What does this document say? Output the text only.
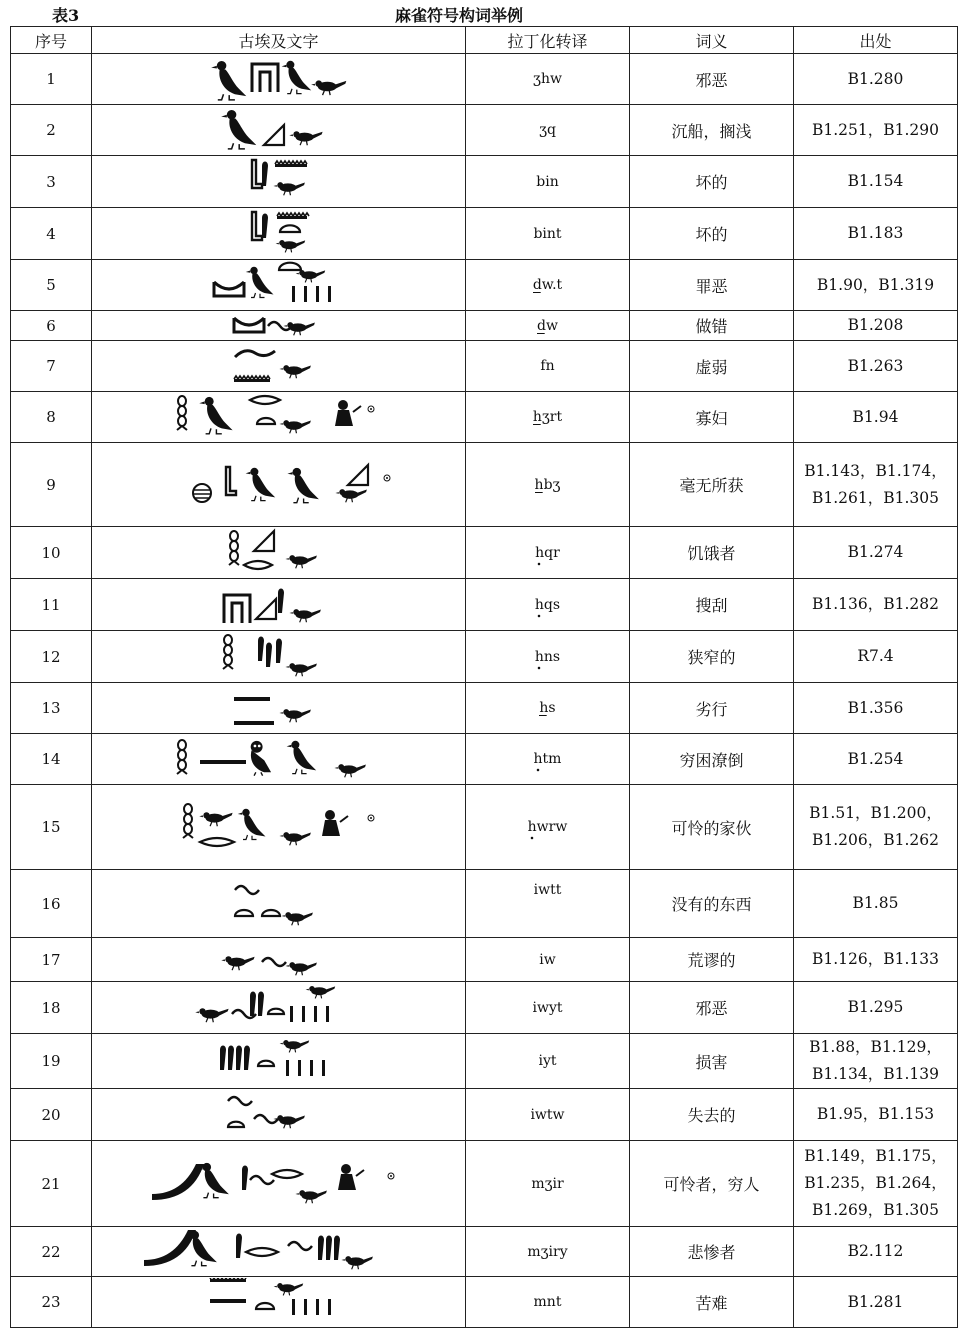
表3	麻雀符号构词举例
序号	古埃及文字	拉丁化转译	词义	出处
1		ʒhw	邪恶	B1.280

2		ʒq	沉船，搁浅	B1.251，B1.290

3		bin	坏的	B1.154

4		bint	坏的	B1.183

5		dw.t	罪恶	B1.90，B1.319

6		dw	做错	B1.208

7		fn	虚弱	B1.263

8		hʒrt	寡妇	B1.94

9		hbʒ	毫无所获	B1.143，B1.174，
B1.261，B1.305

10		hqr	饥饿者	B1.274

11		hqs	搜刮	B1.136，B1.282

12		hns	狭窄的	R7.4

13		hs	劣行	B1.356

14		htm	穷困潦倒	B1.254

15		hwrw	可怜的家伙	B1.51，B1.200，
B1.206，B1.262

16		iwtt	没有的东西	B1.85

17		iw	荒谬的	B1.126，B1.133

18		iwyt	邪恶	B1.295

19		iyt	损害	B1.88，B1.129，
B1.134，B1.139

20		iwtw	失去的	B1.95，B1.153

21		mʒir	可怜者，穷人	B1.149，B1.175，
B1.235，B1.264，
B1.269，B1.305

22		mʒiry	悲惨者	B2.112

23		mnt	苦难	B1.281
